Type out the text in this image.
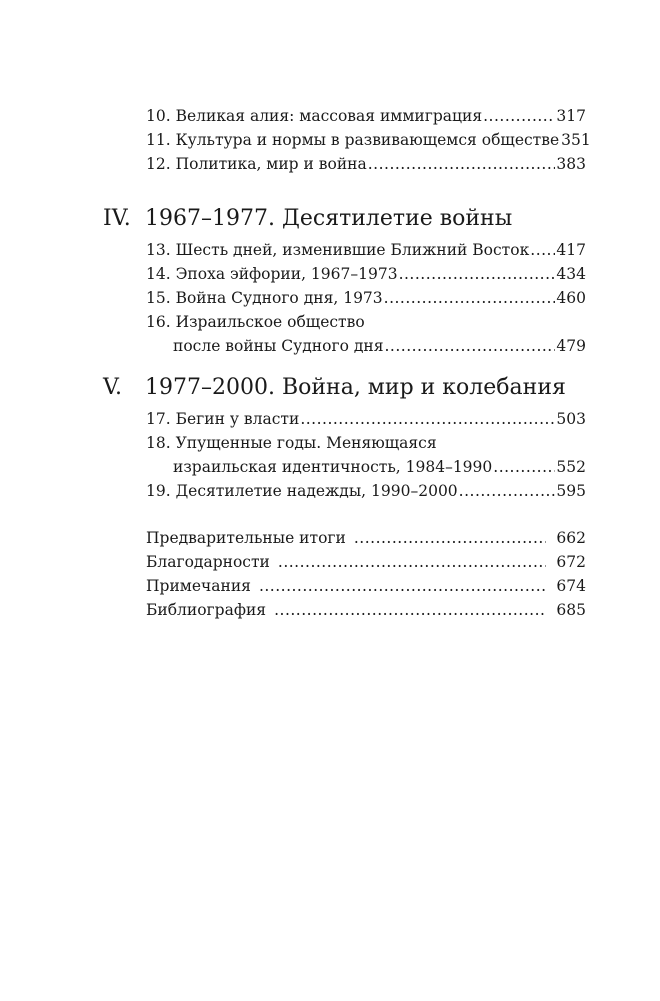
10. Великая алия: массовая иммиграция .....	317
11. Культура и нормы в развивающемся обществе 351
12. Политика, мир и война .....	383
IV. 1967–1977. Десятилетие войны
13. Шесть дней, изменившие Ближний Восток ..... 417
14. Эпоха эйфории, 1967–1973 .....	434
15. Война Судного дня, 1973 .....	460
16. Израильское общество
после войны Судного дня .....	479
V. 1977–2000. Война, мир и колебания
17. Бегин у власти .....	503
18. Упущенные годы. Меняющаяся
израильская идентичность, 1984–1990 .....	552
19. Десятилетие надежды, 1990–2000 .....	595
Предварительные итоги .....	662
Благодарности .....	672
Примечания .....	674
Библиография .....	685
